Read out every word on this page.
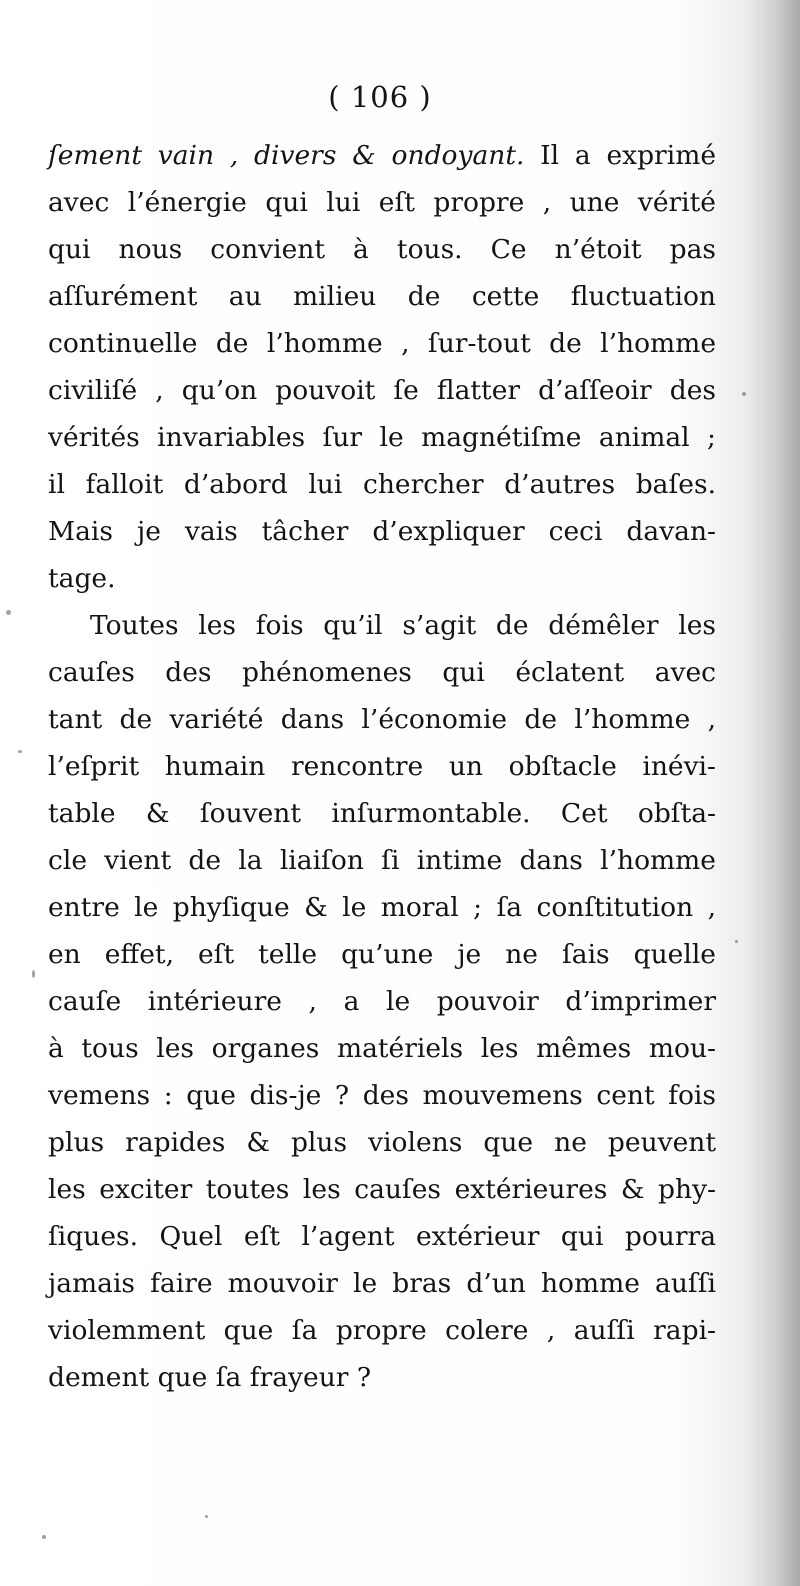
( 106 )
ſement vain , divers & ondoyant. Il a exprimé
avec l’énergie qui lui eſt propre , une vérité
qui nous convient à tous. Ce n’étoit pas
aſſurément au milieu de cette fluctuation
continuelle de l’homme , ſur-tout de l’homme
civiliſé , qu’on pouvoit ſe flatter d’aſſeoir des
vérités invariables ſur le magnétiſme animal ;
il falloit d’abord lui chercher d’autres baſes.
Mais je vais tâcher d’expliquer ceci davan-
tage.
Toutes les fois qu’il s’agit de démêler les
cauſes des phénomenes qui éclatent avec
tant de variété dans l’économie de l’homme ,
l’eſprit humain rencontre un obſtacle inévi-
table & ſouvent inſurmontable. Cet obſta-
cle vient de la liaiſon ſi intime dans l’homme
entre le phyſique & le moral ; ſa conſtitution ,
en effet, eſt telle qu’une je ne ſais quelle
cauſe intérieure , a le pouvoir d’imprimer
à tous les organes matériels les mêmes mou-
vemens : que dis-je ? des mouvemens cent fois
plus rapides & plus violens que ne peuvent
les exciter toutes les cauſes extérieures & phy-
ſiques. Quel eſt l’agent extérieur qui pourra
jamais faire mouvoir le bras d’un homme auſſi
violemment que ſa propre colere , auſſi rapi-
dement que ſa frayeur ?
